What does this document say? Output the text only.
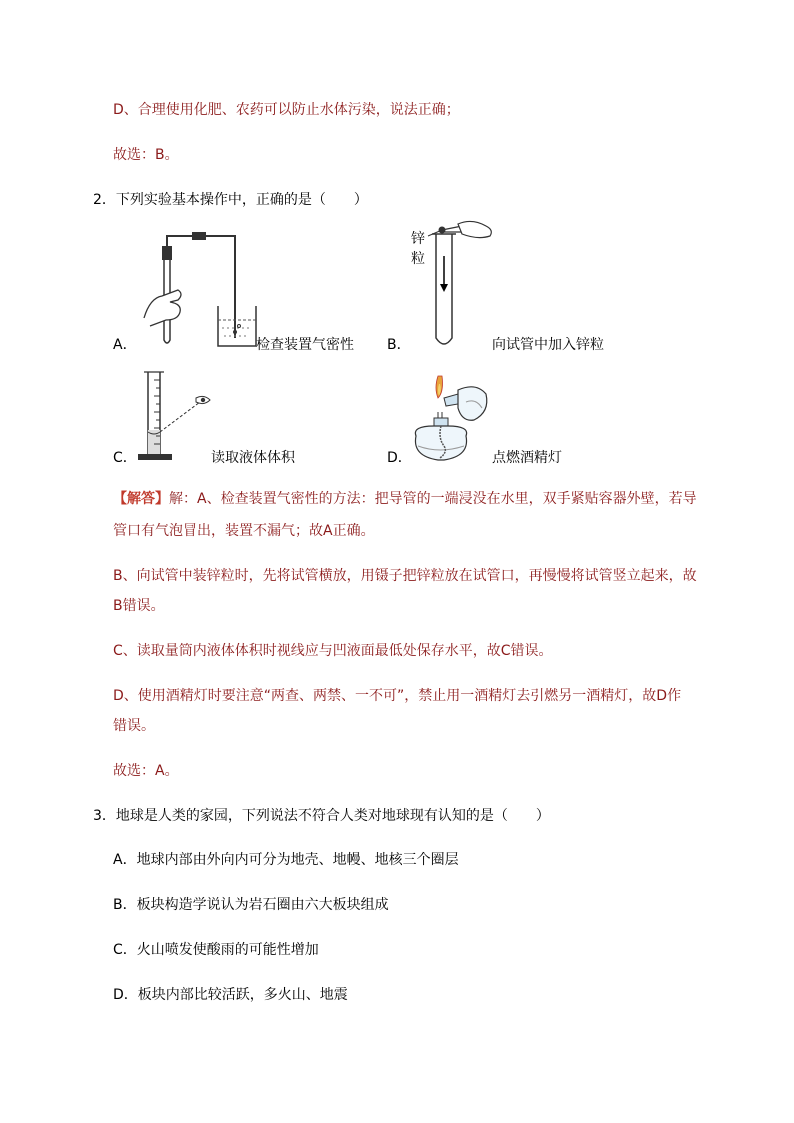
D、合理使用化肥、农药可以防止水体污染，说法正确；
故选：B。
2．下列实验基本操作中，正确的是（　　）
A．	检查装置气密性
锌
粒
B．	向试管中加入锌粒
C．	读取液体体积	D．	点燃酒精灯
【解答】解：A、检查装置气密性的方法：把导管的一端浸没在水里，双手紧贴容器外壁，若导
管口有气泡冒出，装置不漏气；故A正确。
B、向试管中装锌粒时，先将试管横放，用镊子把锌粒放在试管口，再慢慢将试管竖立起来，故
B错误。
C、读取量筒内液体体积时视线应与凹液面最低处保存水平，故C错误。
D、使用酒精灯时要注意“两查、两禁、一不可”，禁止用一酒精灯去引燃另一酒精灯，故D作
错误。
故选：A。
3．地球是人类的家园，下列说法不符合人类对地球现有认知的是（　　）
A．地球内部由外向内可分为地壳、地幔、地核三个圈层
B．板块构造学说认为岩石圈由六大板块组成
C．火山喷发使酸雨的可能性增加
D．板块内部比较活跃，多火山、地震
